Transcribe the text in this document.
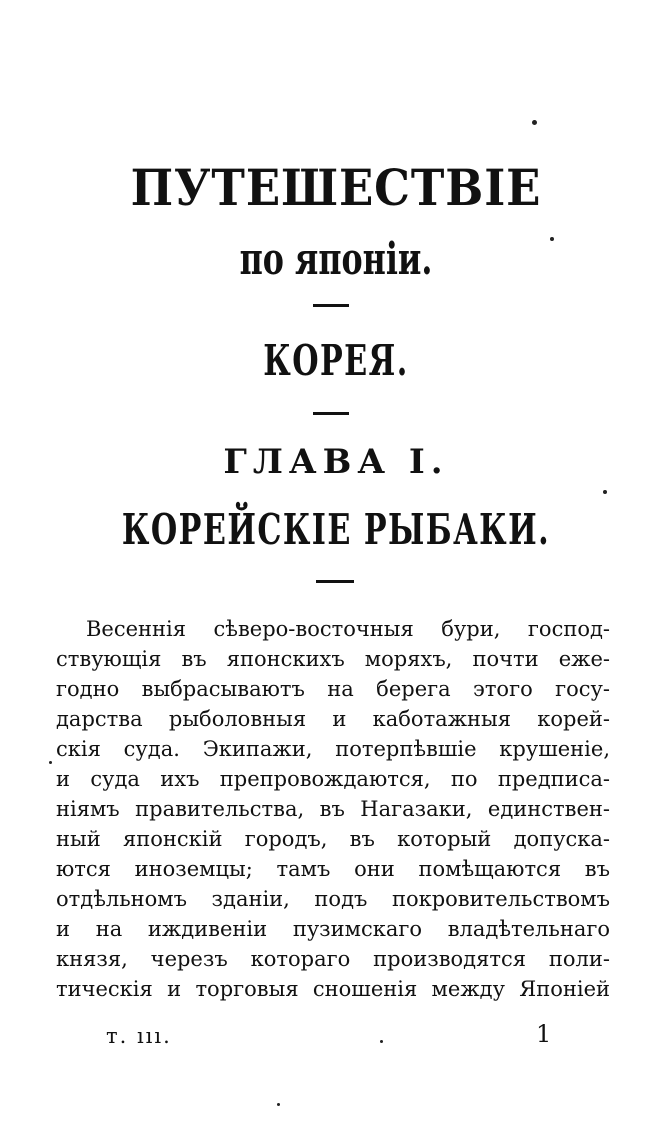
ПУТЕШЕСТВIЕ
по японiи.
КОРЕЯ.
ГЛАВА I.
КОРЕЙСКIЕ РЫБАКИ.
Весеннiя сѣверо-восточныя бури, господ-
ствующiя въ японскихъ моряхъ, почти еже-
годно выбрасываютъ на берега этого госу-
дарства рыболовныя и каботажныя корей-
скiя суда. Экипажи, потерпѣвшiе крушенiе,
и суда ихъ препровождаются, по предписа-
нiямъ правительства, въ Нагазаки, единствен-
ный японскiй городъ, въ который допуска-
ются иноземцы; тамъ они помѣщаются въ
отдѣльномъ зданiи, подъ покровительствомъ
и на иждивенiи пузимскаго владѣтельнаго
князя, черезъ котораго производятся поли-
тическiя и торговыя сношенiя между Японiей
т. ııı.	1
